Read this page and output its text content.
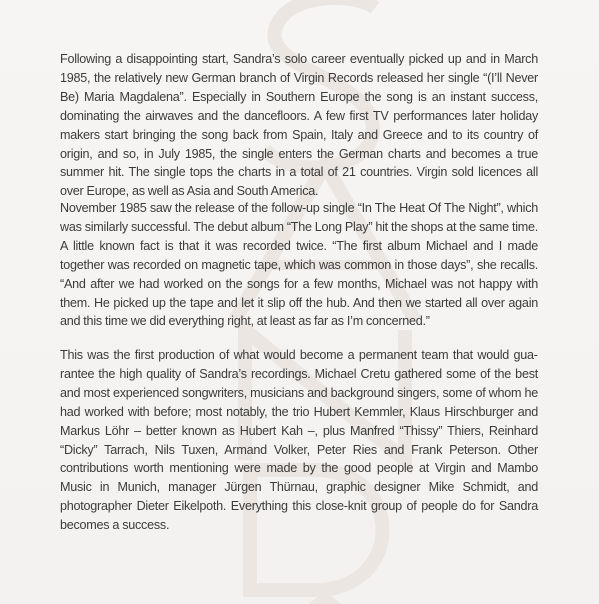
Following a disappointing start, Sandra’s solo career eventually picked up and in March 1985, the relatively new German branch of Virgin Records released her single “(I’ll Never Be) Maria Magdalena”. Especially in Southern Europe the song is an instant success, dominating the airwaves and the dancefloors. A few first TV performances later holiday makers start bringing the song back from Spain, Italy and Greece and to its country of origin, and so, in July 1985, the single enters the German charts and becomes a true summer hit. The single tops the charts in a total of 21 countries. Virgin sold licences all over Europe, as well as Asia and South America.

November 1985 saw the release of the follow-up single “In The Heat Of The Night”, which was similarly successful. The debut album “The Long Play” hit the shops at the same time. A little known fact is that it was recorded twice. “The first album Michael and I made together was recorded on magnetic tape, which was common in those days”, she recalls. “And after we had worked on the songs for a few months, Michael was not happy with them. He picked up the tape and let it slip off the hub. And then we started all over again and this time we did everything right, at least as far as I’m concerned.”

This was the first production of what would become a permanent team that would guarantee the high quality of Sandra’s recordings. Michael Cretu gathered some of the best and most experienced songwriters, musicians and background singers, some of whom he had worked with before; most notably, the trio Hubert Kemmler, Klaus Hirschburger and Markus Löhr – better known as Hubert Kah –, plus Manfred “Thissy” Thiers, Reinhard “Dicky” Tarrach, Nils Tuxen, Armand Volker, Peter Ries and Frank Peterson. Other contributions worth mentioning were made by the good people at Virgin and Mambo Music in Munich, manager Jürgen Thürnau, graphic designer Mike Schmidt, and photographer Dieter Eikelpoth. Everything this close-knit group of people do for Sandra becomes a success.
